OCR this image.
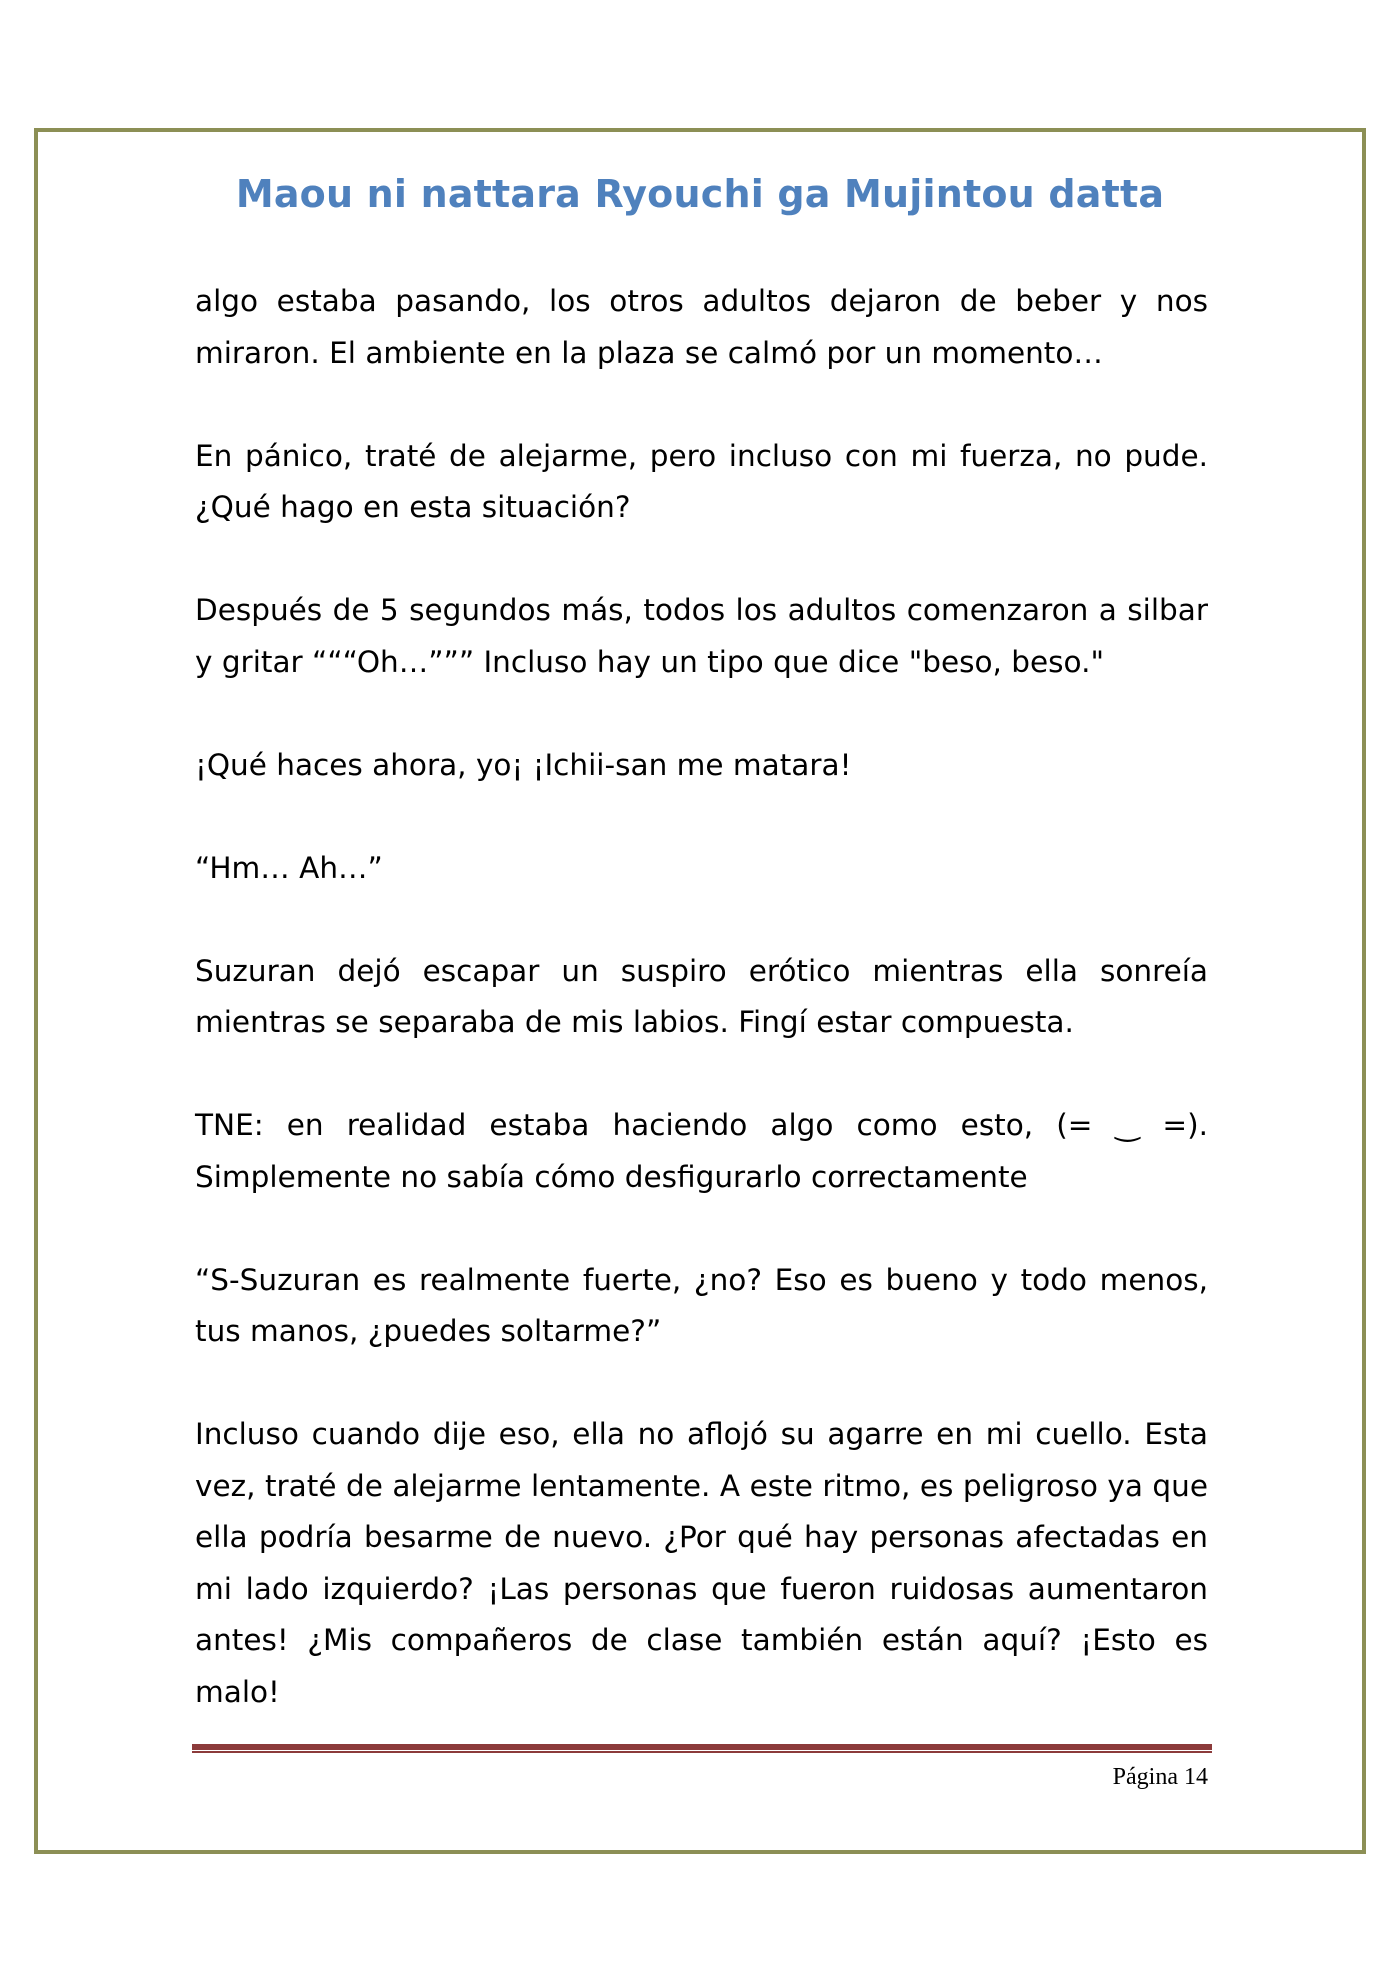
Maou ni nattara Ryouchi ga Mujintou datta

algo estaba pasando, los otros adultos dejaron de beber y nos miraron. El ambiente en la plaza se calmó por un momento…

En pánico, traté de alejarme, pero incluso con mi fuerza, no pude. ¿Qué hago en esta situación?

Después de 5 segundos más, todos los adultos comenzaron a silbar y gritar “““Oh…””” Incluso hay un tipo que dice "beso, beso."

¡Qué haces ahora, yo¡ ¡Ichii-san me matara!

“Hm… Ah…”

Suzuran dejó escapar un suspiro erótico mientras ella sonreía mientras se separaba de mis labios. Fingí estar compuesta.

TNE: en realidad estaba haciendo algo como esto, (= ‿ =). Simplemente no sabía cómo desfigurarlo correctamente

“S-Suzuran es realmente fuerte, ¿no? Eso es bueno y todo menos, tus manos, ¿puedes soltarme?”

Incluso cuando dije eso, ella no aflojó su agarre en mi cuello. Esta vez, traté de alejarme lentamente. A este ritmo, es peligroso ya que ella podría besarme de nuevo. ¿Por qué hay personas afectadas en mi lado izquierdo? ¡Las personas que fueron ruidosas aumentaron antes! ¿Mis compañeros de clase también están aquí? ¡Esto es malo!

Página 14
